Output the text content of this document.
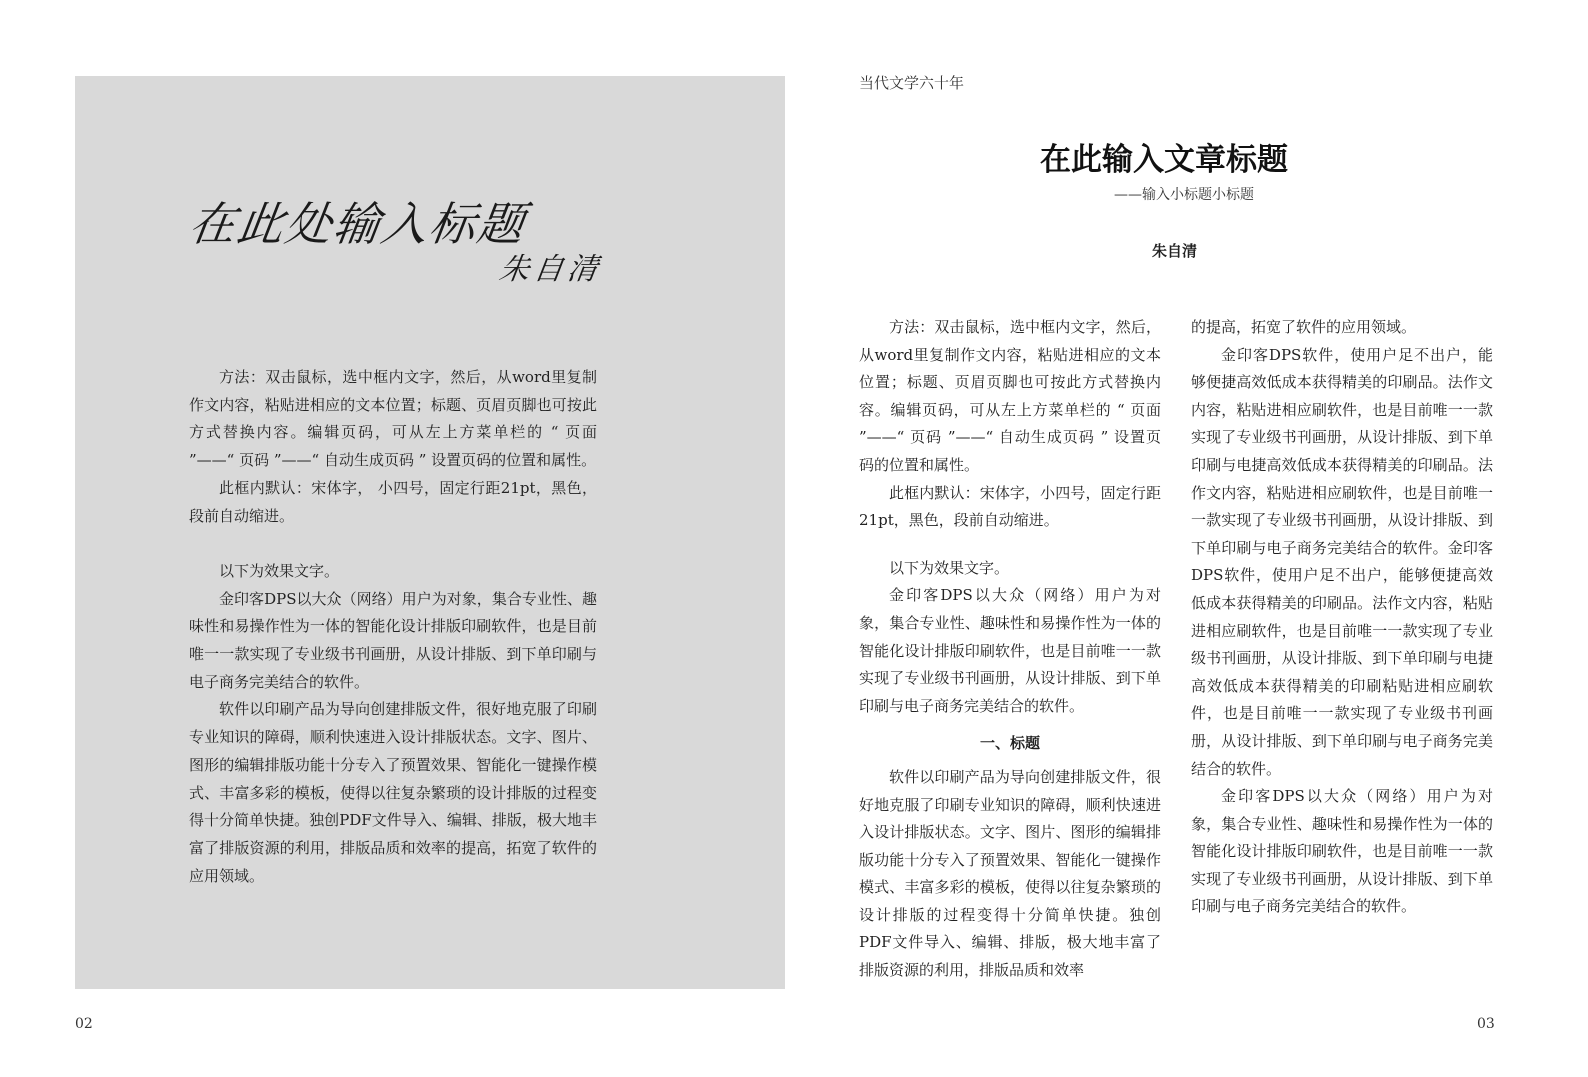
在此处输入标题
朱自清

方法：双击鼠标，选中框内文字，然后，从word里复制作文内容，粘贴进相应的文本位置；标题、页眉页脚也可按此方式替换内容。编辑页码，可从左上方菜单栏的 “ 页面 ”——“ 页码 ”——“ 自动生成页码 ” 设置页码的位置和属性。

此框内默认：宋体字， 小四号，固定行距21pt，黑色，段前自动缩进。

以下为效果文字。

金印客DPS以大众（网络）用户为对象，集合专业性、趣味性和易操作性为一体的智能化设计排版印刷软件，也是目前唯一一款实现了专业级书刊画册，从设计排版、到下单印刷与电子商务完美结合的软件。

软件以印刷产品为导向创建排版文件，很好地克服了印刷专业知识的障碍，顺利快速进入设计排版状态。文字、图片、图形的编辑排版功能十分专入了预置效果、智能化一键操作模式、丰富多彩的模板，使得以往复杂繁琐的设计排版的过程变得十分简单快捷。独创PDF文件导入、编辑、排版，极大地丰富了排版资源的利用，排版品质和效率的提高，拓宽了软件的应用领域。

02
当代文学六十年
在此输入文章标题
——输入小标题小标题
朱自清

方法：双击鼠标，选中框内文字，然后，从word里复制作文内容，粘贴进相应的文本位置；标题、页眉页脚也可按此方式替换内容。编辑页码，可从左上方菜单栏的 “ 页面 ”——“ 页码 ”——“ 自动生成页码 ” 设置页码的位置和属性。

此框内默认：宋体字，小四号，固定行距21pt，黑色，段前自动缩进。

以下为效果文字。

金印客DPS以大众（网络）用户为对象，集合专业性、趣味性和易操作性为一体的智能化设计排版印刷软件，也是目前唯一一款实现了专业级书刊画册，从设计排版、到下单印刷与电子商务完美结合的软件。

一、标题

软件以印刷产品为导向创建排版文件，很好地克服了印刷专业知识的障碍，顺利快速进入设计排版状态。文字、图片、图形的编辑排版功能十分专入了预置效果、智能化一键操作模式、丰富多彩的模板，使得以往复杂繁琐的设计排版的过程变得十分简单快捷。独创PDF文件导入、编辑、排版，极大地丰富了排版资源的利用，排版品质和效率

的提高，拓宽了软件的应用领域。

金印客DPS软件，使用户足不出户，能够便捷高效低成本获得精美的印刷品。法作文内容，粘贴进相应刷软件，也是目前唯一一款实现了专业级书刊画册，从设计排版、到下单印刷与电捷高效低成本获得精美的印刷品。法作文内容，粘贴进相应刷软件，也是目前唯一一款实现了专业级书刊画册，从设计排版、到下单印刷与电子商务完美结合的软件。金印客DPS软件，使用户足不出户，能够便捷高效低成本获得精美的印刷品。法作文内容，粘贴进相应刷软件，也是目前唯一一款实现了专业级书刊画册，从设计排版、到下单印刷与电捷高效低成本获得精美的印刷粘贴进相应刷软件，也是目前唯一一款实现了专业级书刊画册，从设计排版、到下单印刷与电子商务完美结合的软件。

金印客DPS以大众（网络）用户为对象，集合专业性、趣味性和易操作性为一体的智能化设计排版印刷软件，也是目前唯一一款实现了专业级书刊画册，从设计排版、到下单印刷与电子商务完美结合的软件。

03
